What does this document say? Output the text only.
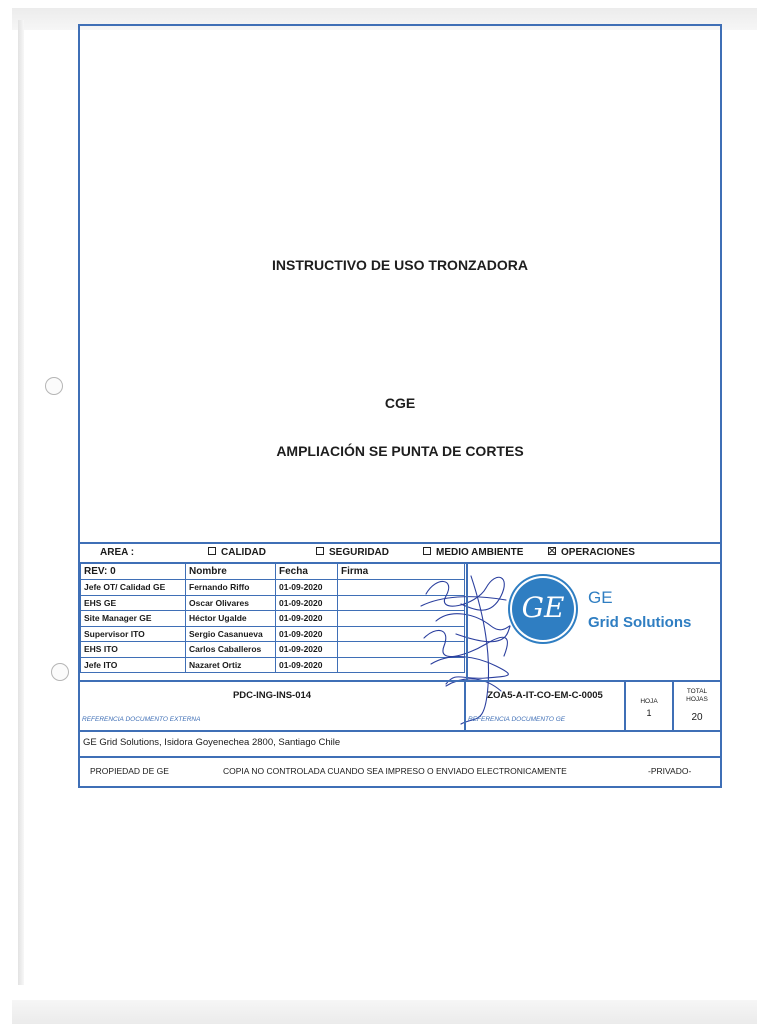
INSTRUCTIVO DE USO TRONZADORA
CGE
AMPLIACIÓN SE PUNTA DE CORTES
AREA :	CALIDAD	SEGURIDAD	MEDIO AMBIENTE	OPERACIONES
REV: 0	Nombre	Fecha	Firma
Jefe OT/ Calidad GE	Fernando Riffo	01-09-2020	
EHS GE	Oscar Olivares	01-09-2020	
Site Manager GE	Héctor Ugalde	01-09-2020	
Supervisor ITO	Sergio Casanueva	01-09-2020	
EHS ITO	Carlos Caballeros	01-09-2020	
Jefe ITO	Nazaret Ortiz	01-09-2020	
GE	GE
Grid Solutions
PDC-ING-INS-014
REFERENCIA DOCUMENTO EXTERNA
ZOA5-A-IT-CO-EM-C-0005
REFERENCIA DOCUMENTO GE
HOJA
1
TOTAL HOJAS
20
GE Grid Solutions, Isidora Goyenechea 2800, Santiago Chile
PROPIEDAD DE GE	COPIA NO CONTROLADA CUANDO SEA IMPRESO O ENVIADO ELECTRONICAMENTE	-PRIVADO-
